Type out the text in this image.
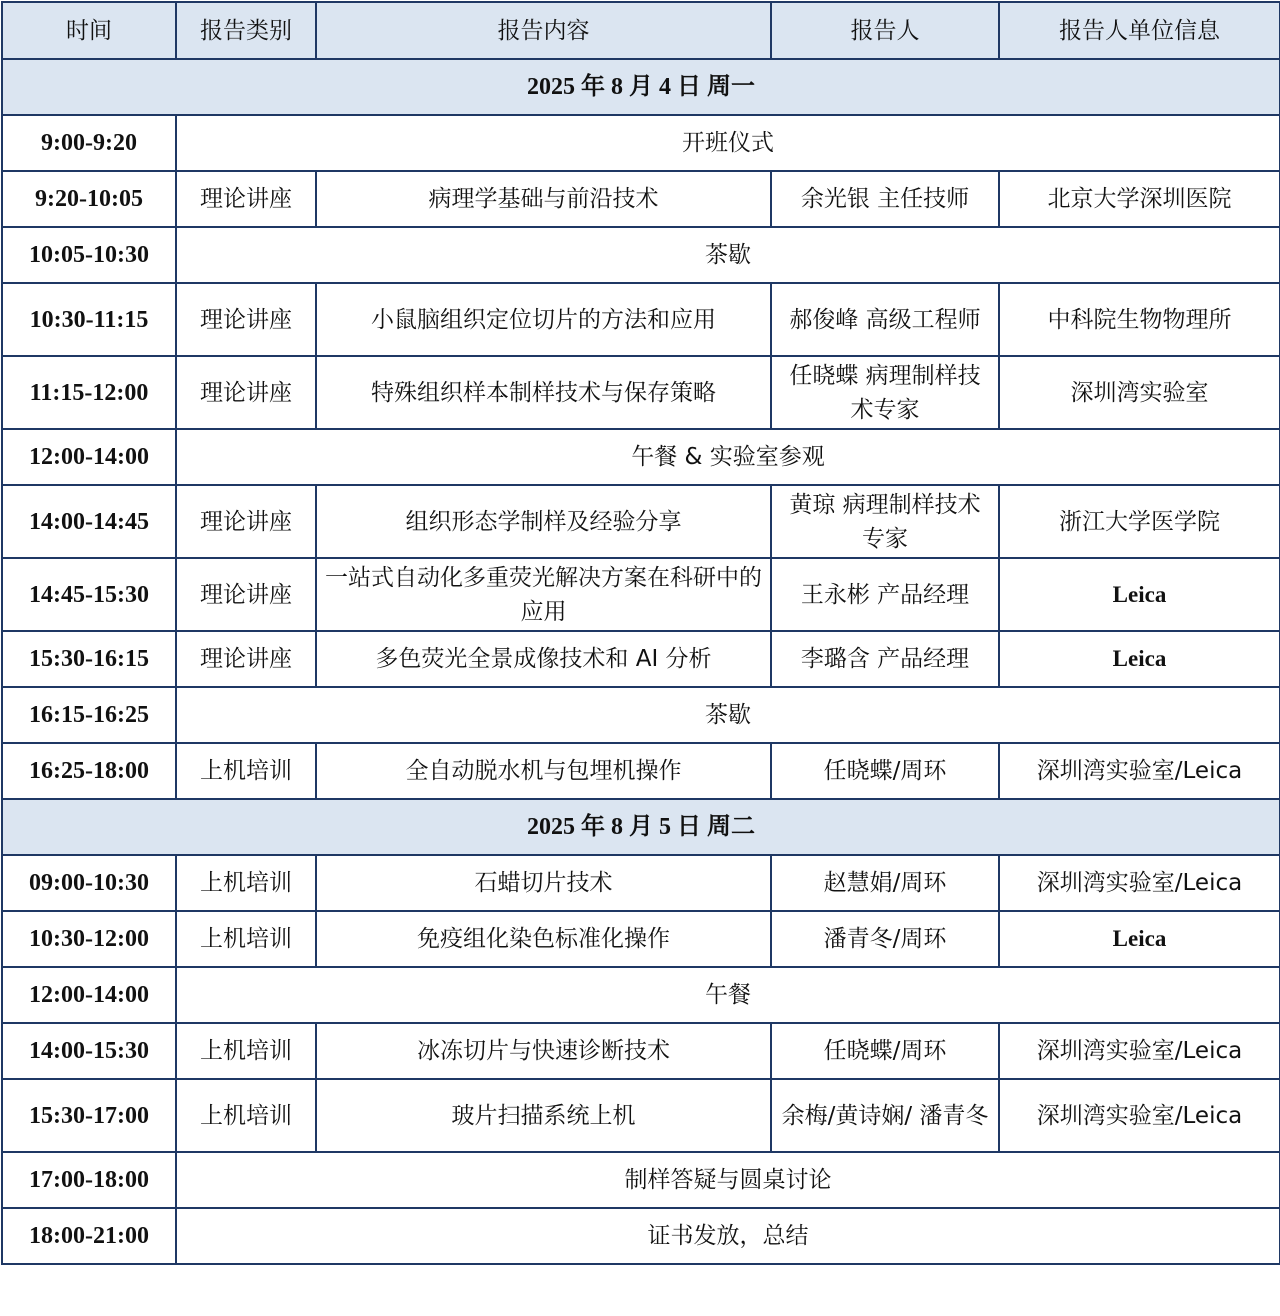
时间	报告类别	报告内容	报告人	报告人单位信息
2025 年 8 月 4 日 周一				
9:00-9:20	开班仪式			
9:20-10:05	理论讲座	病理学基础与前沿技术	余光银 主任技师	北京大学深圳医院
10:05-10:30	茶歇			
10:30-11:15	理论讲座	小鼠脑组织定位切片的方法和应用	郝俊峰 高级工程师	中科院生物物理所
11:15-12:00	理论讲座	特殊组织样本制样技术与保存策略	任晓蝶 病理制样技术专家	深圳湾实验室
12:00-14:00	午餐 & 实验室参观			
14:00-14:45	理论讲座	组织形态学制样及经验分享	黄琼 病理制样技术专家	浙江大学医学院
14:45-15:30	理论讲座	一站式自动化多重荧光解决方案在科研中的应用	王永彬 产品经理	Leica
15:30-16:15	理论讲座	多色荧光全景成像技术和 AI 分析	李璐含 产品经理	Leica
16:15-16:25	茶歇			
16:25-18:00	上机培训	全自动脱水机与包埋机操作	任晓蝶/周环	深圳湾实验室/Leica
2025 年 8 月 5 日 周二				
09:00-10:30	上机培训	石蜡切片技术	赵慧娟/周环	深圳湾实验室/Leica
10:30-12:00	上机培训	免疫组化染色标准化操作	潘青冬/周环	Leica
12:00-14:00	午餐			
14:00-15:30	上机培训	冰冻切片与快速诊断技术	任晓蝶/周环	深圳湾实验室/Leica
15:30-17:00	上机培训	玻片扫描系统上机	余梅/黄诗娴/ 潘青冬	深圳湾实验室/Leica
17:00-18:00	制样答疑与圆桌讨论			
18:00-21:00	证书发放，总结			
